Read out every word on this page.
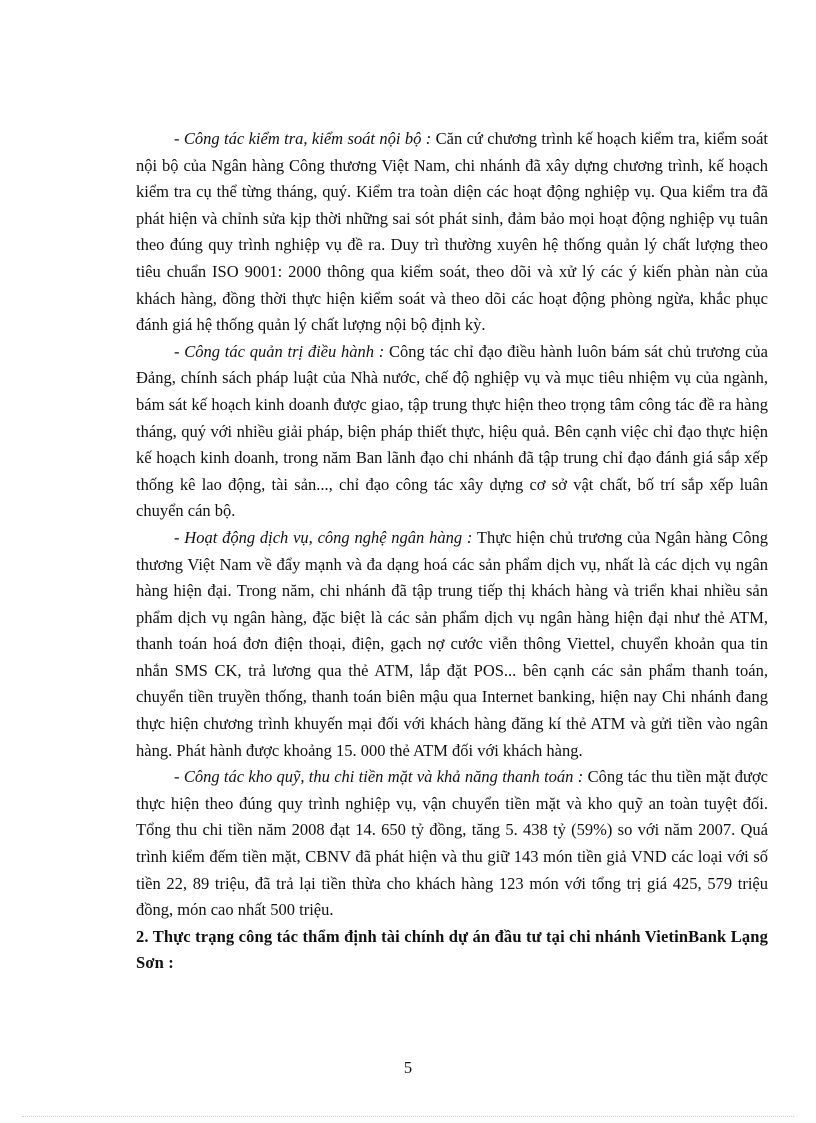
- Công tác kiểm tra, kiểm soát nội bộ : Căn cứ chương trình kế hoạch kiểm tra, kiểm soát nội bộ của Ngân hàng Công thương Việt Nam, chi nhánh đã xây dựng chương trình, kế hoạch kiểm tra cụ thể từng tháng, quý. Kiểm tra toàn diện các hoạt động nghiệp vụ. Qua kiểm tra đã phát hiện và chỉnh sửa kịp thời những sai sót phát sinh, đảm bảo mọi hoạt động nghiệp vụ tuân theo đúng quy trình nghiệp vụ đề ra. Duy trì thường xuyên hệ thống quản lý chất lượng theo tiêu chuẩn ISO 9001: 2000 thông qua kiểm soát, theo dõi và xử lý các ý kiến phàn nàn của khách hàng, đồng thời thực hiện kiểm soát và theo dõi các hoạt động phòng ngừa, khắc phục đánh giá hệ thống quản lý chất lượng nội bộ định kỳ.

- Công tác quản trị điều hành : Công tác chỉ đạo điều hành luôn bám sát chủ trương của Đảng, chính sách pháp luật của Nhà nước, chế độ nghiệp vụ và mục tiêu nhiệm vụ của ngành, bám sát kế hoạch kinh doanh được giao, tập trung thực hiện theo trọng tâm công tác đề ra hàng tháng, quý với nhiều giải pháp, biện pháp thiết thực, hiệu quả. Bên cạnh việc chỉ đạo thực hiện kế hoạch kinh doanh, trong năm Ban lãnh đạo chi nhánh đã tập trung chỉ đạo đánh giá sắp xếp thống kê lao động, tài sản..., chỉ đạo công tác xây dựng cơ sở vật chất, bố trí sắp xếp luân chuyển cán bộ.

- Hoạt động dịch vụ, công nghệ ngân hàng : Thực hiện chủ trương của Ngân hàng Công thương Việt Nam về đẩy mạnh và đa dạng hoá các sản phẩm dịch vụ, nhất là các dịch vụ ngân hàng hiện đại. Trong năm, chi nhánh đã tập trung tiếp thị khách hàng và triển khai nhiều sản phẩm dịch vụ ngân hàng, đặc biệt là các sản phẩm dịch vụ ngân hàng hiện đại như thẻ ATM, thanh toán hoá đơn điện thoại, điện, gạch nợ cước viễn thông Viettel, chuyển khoản qua tin nhắn SMS CK, trả lương qua thẻ ATM, lắp đặt POS... bên cạnh các sản phẩm thanh toán, chuyển tiền truyền thống, thanh toán biên mậu qua Internet banking, hiện nay Chi nhánh đang thực hiện chương trình khuyến mại đối với khách hàng đăng kí thẻ ATM và gửi tiền vào ngân hàng. Phát hành được khoảng 15. 000 thẻ ATM đối với khách hàng.

- Công tác kho quỹ, thu chi tiền mặt và khả năng thanh toán : Công tác thu tiền mặt được thực hiện theo đúng quy trình nghiệp vụ, vận chuyển tiền mặt và kho quỹ an toàn tuyệt đối. Tổng thu chi tiền năm 2008 đạt 14. 650 tỷ đồng, tăng 5. 438 tỷ (59%) so với năm 2007. Quá trình kiểm đếm tiền mặt, CBNV đã phát hiện và thu giữ 143 món tiền giả VND các loại với số tiền 22, 89 triệu, đã trả lại tiền thừa cho khách hàng 123 món với tổng trị giá 425, 579 triệu đồng, món cao nhất 500 triệu.

2. Thực trạng công tác thẩm định tài chính dự án đầu tư tại chi nhánh VietinBank Lạng Sơn :

5
